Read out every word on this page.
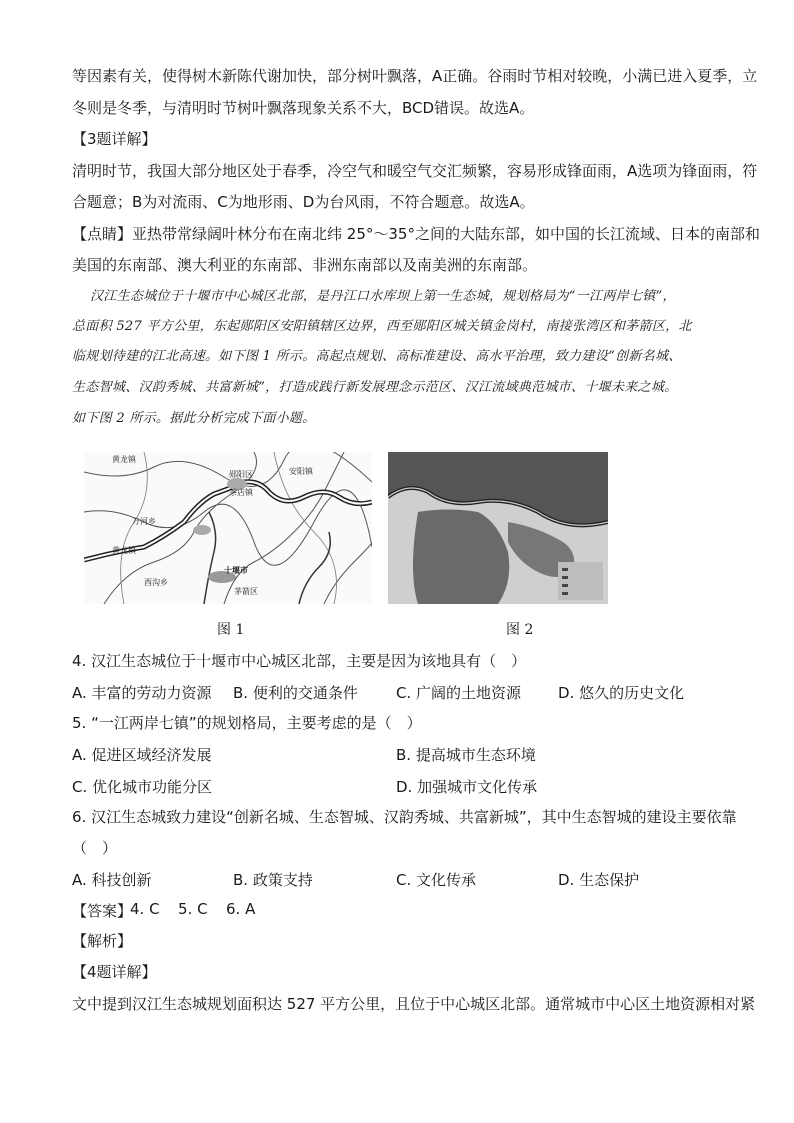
等因素有关，使得树木新陈代谢加快，部分树叶飘落，A正确。谷雨时节相对较晚，小满已进入夏季，立
冬则是冬季，与清明时节树叶飘落现象关系不大，BCD错误。故选A。
【3题详解】
清明时节，我国大部分地区处于春季，冷空气和暖空气交汇频繁，容易形成锋面雨，A选项为锋面雨，符
合题意；B为对流雨、C为地形雨、D为台风雨，不符合题意。故选A。
【点睛】亚热带常绿阔叶林分布在南北纬 25°～35°之间的大陆东部，如中国的长江流域、日本的南部和
美国的东南部、澳大利亚的东南部、非洲东南部以及南美洲的东南部。
汉江生态城位于十堰市中心城区北部，是丹江口水库坝上第一生态城，规划格局为“一江两岸七镇”，
总面积 527 平方公里，东起郧阳区安阳镇辖区边界，西至郧阳区城关镇金岗村，南接张湾区和茅箭区，北
临规划待建的江北高速。如下图 1 所示。高起点规划、高标准建设、高水平治理，致力建设“创新名城、
生态智城、汉韵秀城、共富新城”，打造成践行新发展理念示范区、汉江流域典范城市、十堰未来之城。
如下图 2 所示。据此分析完成下面小题。
黄龙镇
安阳镇
郧阳区
茶店镇
万河乡
黄龙镇
十堰市
茅箭区
西沟乡
图 1	图 2
4. 汉江生态城位于十堰市中心城区北部，主要是因为该地具有（　）
A. 丰富的劳动力资源 B. 便利的交通条件	C. 广阔的土地资源 D. 悠久的历史文化
5. “一江两岸七镇”的规划格局，主要考虑的是（　）
A. 促进区域经济发展	B. 提高城市生态环境
C. 优化城市功能分区	D. 加强城市文化传承
6. 汉江生态城致力建设“创新名城、生态智城、汉韵秀城、共富新城”，其中生态智城的建设主要依靠
（　）
A. 科技创新	B. 政策支持	C. 文化传承	D. 生态保护
【答案】
4. C 5. C 6. A
【解析】
【4题详解】
文中提到汉江生态城规划面积达 527 平方公里，且位于中心城区北部。通常城市中心区土地资源相对紧
